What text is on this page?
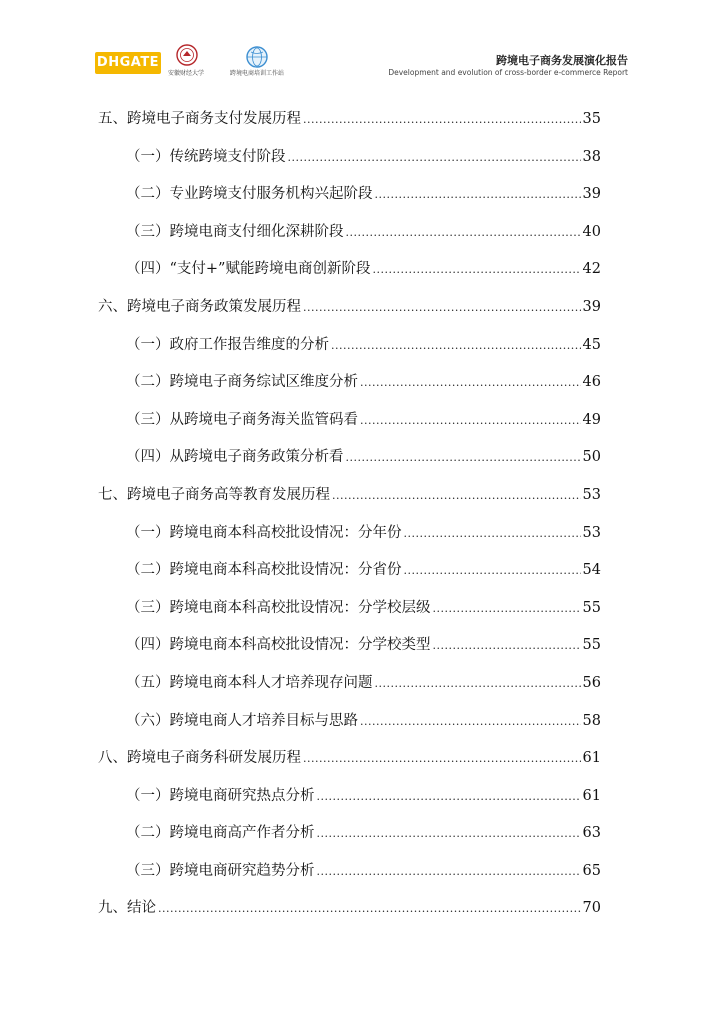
DHGATE
安徽财经大学	跨境电商培训工作站
跨境电子商务发展演化报告
Development and evolution of cross-border e-commerce Report
五、跨境电子商务支付发展历程 .....	35
（一）传统跨境支付阶段 .....	38
（二）专业跨境支付服务机构兴起阶段 .....	39
（三）跨境电商支付细化深耕阶段 .....	40
（四）“支付+”赋能跨境电商创新阶段 .....	42
六、跨境电子商务政策发展历程 .....	39
（一）政府工作报告维度的分析 .....	45
（二）跨境电子商务综试区维度分析 .....	46
（三）从跨境电子商务海关监管码看 .....	49
（四）从跨境电子商务政策分析看 .....	50
七、跨境电子商务高等教育发展历程 .....	53
（一）跨境电商本科高校批设情况：分年份 .....	53
（二）跨境电商本科高校批设情况：分省份 .....	54
（三）跨境电商本科高校批设情况：分学校层级 .....	55
（四）跨境电商本科高校批设情况：分学校类型 .....	55
（五）跨境电商本科人才培养现存问题 .....	56
（六）跨境电商人才培养目标与思路 .....	58
八、跨境电子商务科研发展历程 .....	61
（一）跨境电商研究热点分析 .....	61
（二）跨境电商高产作者分析 .....	63
（三）跨境电商研究趋势分析 .....	65
九、结论 .....	70
